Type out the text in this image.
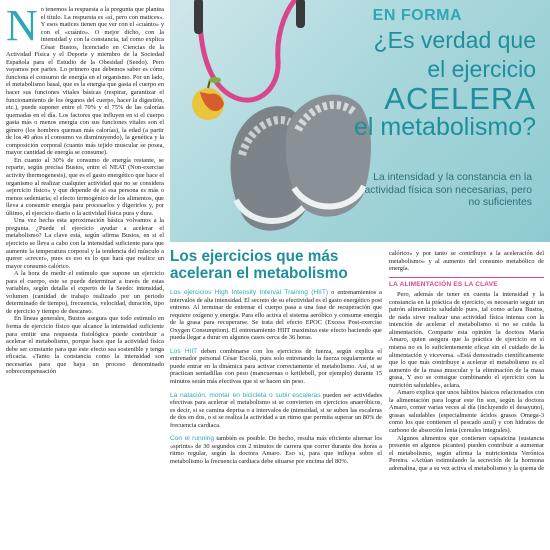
No tenemos la respuesta a la pregunta que plantea el título. La respuesta es «sí, pero con matices». Y esos matices tienen que ver con el «cuánto» y con el «cuánto». O mejor dicho, con la intensidad y con la constancia, tal como explica César Bustos, licenciado en Ciencias de la Actividad Física y el Deporte y miembro de la Sociedad Española para el Estudio de la Obesidad (Seedo). Pero vayamos por partes. Lo primero que debemos saber es cómo funciona el consumo de energía en el organismo. Por un lado, el metabolismo basal, que es la energía que gasta el cuerpo en hacer sus funciones vitales básicas (respirar, garantizar el funcionamiento de los órganos del cuerpo, hacer la digestión, etc.), puede suponer entre el 70% y el 75% de las calorías quemadas en el día. Los factores que influyen en si el cuerpo gasta más o menos energía con sus funciones vitales son el género (los hombres queman más calorías), la edad (a partir de los 40 años el consumo va disminuyendo), la genética y la composición corporal (cuanto más tejido muscular se posea, mayor cantidad de energía se consume).

En cuanto al 30% de consumo de energía restante, se reparte, según precisa Bustos, entre el NEAT (Non-exercise activity thermogenesis), que es el gasto energético que hace el organismo al realizar cualquier actividad que no se considera «ejercicio físico» y que depende de si esa persona es más o menos sedentaria; el efecto termogénico de los alimentos, que lleva a consumir energía para procesarlos y digerirlos y, por último, el ejercicio diario o la actividad física pura y dura.

Una vez hecha esta aproximación básica volvamos a la pregunta. ¿Puede el ejercicio ayudar a acelerar el metabolismo? La clave está, según afirma Bustos, en si el ejercicio se lleva a cabo con la intensidad suficiente para que aumente la temperatura corporal y la tendencia del músculo a querer «crecer», pues es eso es lo que hará que realice un mayor consumo calórico.

A la hora de medir el estímulo que supone un ejercicio para el cuerpo, este se puede determinar a través de estas variables, según detalla el experto de la Seedo: intensidad, volumen (cantidad de trabajo realizado por un periodo determinado de tiempo), frecuencia, velocidad, duración, tipo de ejercicio y tiempo de descanso.

En líneas generales, Bustos asegura que todo estímulo en forma de ejercicio físico que alcance la intensidad suficiente para emitir una respuesta fisiológica puede contribuir a acelerar el metabolismo, porque hace que la actividad física debe ser constante para que este efecto sea sostenible y tenga eficacia. «Tanto la constancia como la intensidad son necesarias para que haya un proceso denominado sobrecompensación

EN FORMA
¿Es verdad que
el ejercicio
ACELERA
el metabolismo?
La intensidad y la constancia en la actividad física son necesarias, pero no suficientes
Los ejercicios que más aceleran el metabolismo

Los ejercicios High Intensity Interval Training (HIIT) o entrenamientos a intervalos de alta intensidad. El secreto de su efectividad es el gasto energético post entreno. Al terminar de entrenar el cuerpo pasa a una fase de recuperación que requiere oxígeno y energía. Para ello activa el sistema aeróbico y consume energía de la grasa para recuperarse. Se trata del efecto EPOC (Excess Post-exercise Oxygen Consumption). El entrenamiento HIIT maximiza este efecto haciendo que pueda llegar a durar en algunos casos cerca de 36 horas.

Los HIIT deben combinarse con los ejercicios de fuerza, según explica el entrenador personal César Escolá, pues solo entrenando la fuerza regularmente se puede entrar en la dinámica para activar correctamente el metabolismo. Así, si se practican sentadillas con peso (mancuernas o kettlebell, por ejemplo) durante 15 minutos serán más efectivas que si se hacen sin peso.

La natación, montar en bicicleta o subir escaleras pueden ser actividades efectivas para acelerar el metabolismo si se convierten en ejercicios anaeróbicos, es decir, si se camina deprisa o a intervalos de intensidad, si se suben las escaleras de dos en dos, o si se realiza la actividad a un ritmo que permita superar un 80% de frecuencia cardiaca.

Con el running también es posible. De hecho, resulta más eficiente alternar los «sprints» de 30 segundos con 2 minutos de carrera que correr durante dos horas a ritmo regular, según la doctora Amaro. Eso sí, para que influya sobre el metabolismo la frecuencia cardiaca debe situarse por encima del 80%.

calórico» y por tanto se contribuye a la aceleración del metabolismo» y al aumento del consumo metabólico de energía.

LA ALIMENTACIÓN ES LA CLAVE

Pero, además de tener en cuenta la intensidad y la constancia en la práctica de ejercicio, es necesario seguir un patrón alimenticio saludable pues, tal como aclara Bustos, de nada sirve realizar una actividad física intensa con la intención de acelerar el metabolismo si no se cuida la alimentación. Comparte esta opinión la doctora María Amaro, quien asegura que la práctica de ejercicio en sí misma no es lo suficientemente eficaz sin el cuidado de la alimentación y viceversa. «Está demostrado científicamente que lo que más contribuye a acelerar el metabolismo es el aumento de la masa muscular y la eliminación de la masa grasa, Y eso se consigue combinando el ejercicio con la nutrición saludable», aclara.

Amaro explica que unos hábitos básicos relacionados con la alimentación para lograr este fin son, según la doctora Amaro, comer varias veces al día (incluyendo el desayuno), grasas saludables (especialmente ácidos grasos Omega-3 como los que contienen el pescado azul) y con hidratos de carbono de absorción lenta (cereales integrales).

Algunos alimentos que contienen capsaicina (sustancia presente en algunos picantes) pueden contribuir a aumentar el metabolismo, según afirma la nutricionista Verónica Pereira. «Actúan estimulando la secreción de la hormona adrenalina, que a su vez activa el metabolismo y la quema de
